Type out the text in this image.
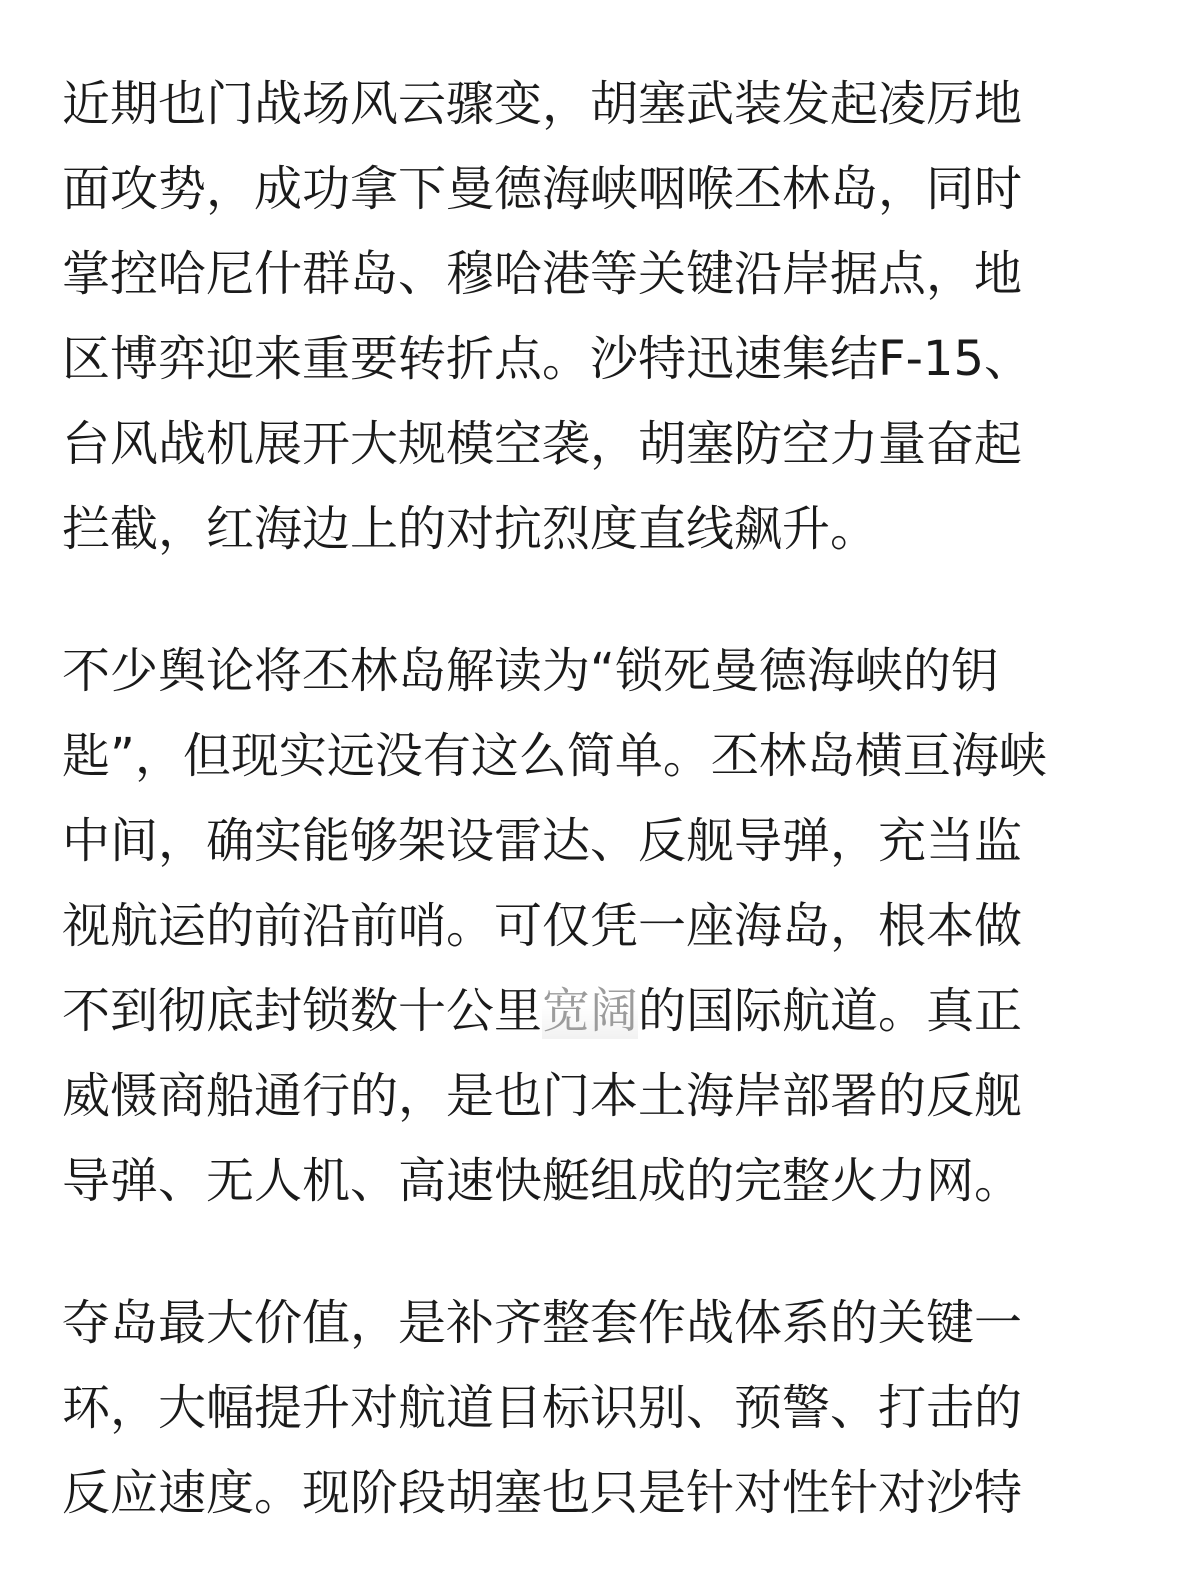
近期也门战场风云骤变，胡塞武装发起凌厉地
面攻势，成功拿下曼德海峡咽喉丕林岛，同时
掌控哈尼什群岛、穆哈港等关键沿岸据点，地
区博弈迎来重要转折点。沙特迅速集结F-15、
台风战机展开大规模空袭，胡塞防空力量奋起
拦截，红海边上的对抗烈度直线飙升。
不少舆论将丕林岛解读为“锁死曼德海峡的钥
匙”，但现实远没有这么简单。丕林岛横亘海峡
中间，确实能够架设雷达、反舰导弹，充当监
视航运的前沿前哨。可仅凭一座海岛，根本做
不到彻底封锁数十公里宽阔的国际航道。真正
威慑商船通行的，是也门本土海岸部署的反舰
导弹、无人机、高速快艇组成的完整火力网。
夺岛最大价值，是补齐整套作战体系的关键一
环，大幅提升对航道目标识别、预警、打击的
反应速度。现阶段胡塞也只是针对性针对沙特
